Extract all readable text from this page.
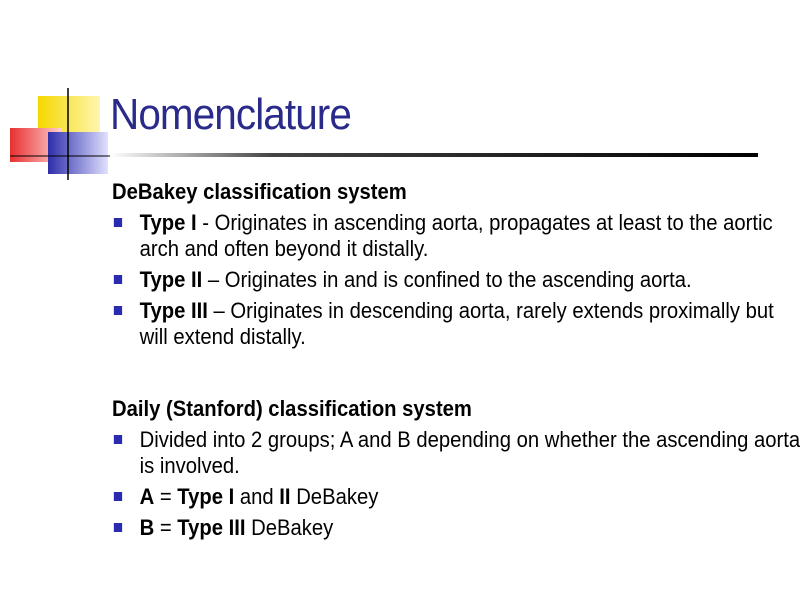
Nomenclature
DeBakey classification system
Type I - Originates in ascending aorta, propagates at least to the aortic arch and often beyond it distally.
Type II – Originates in and is confined to the ascending aorta.
Type III – Originates in descending aorta, rarely extends proximally but will extend distally.
Daily (Stanford) classification system
Divided into 2 groups; A and B depending on whether the ascending aorta is involved.
A = Type I and II DeBakey
B = Type III DeBakey
